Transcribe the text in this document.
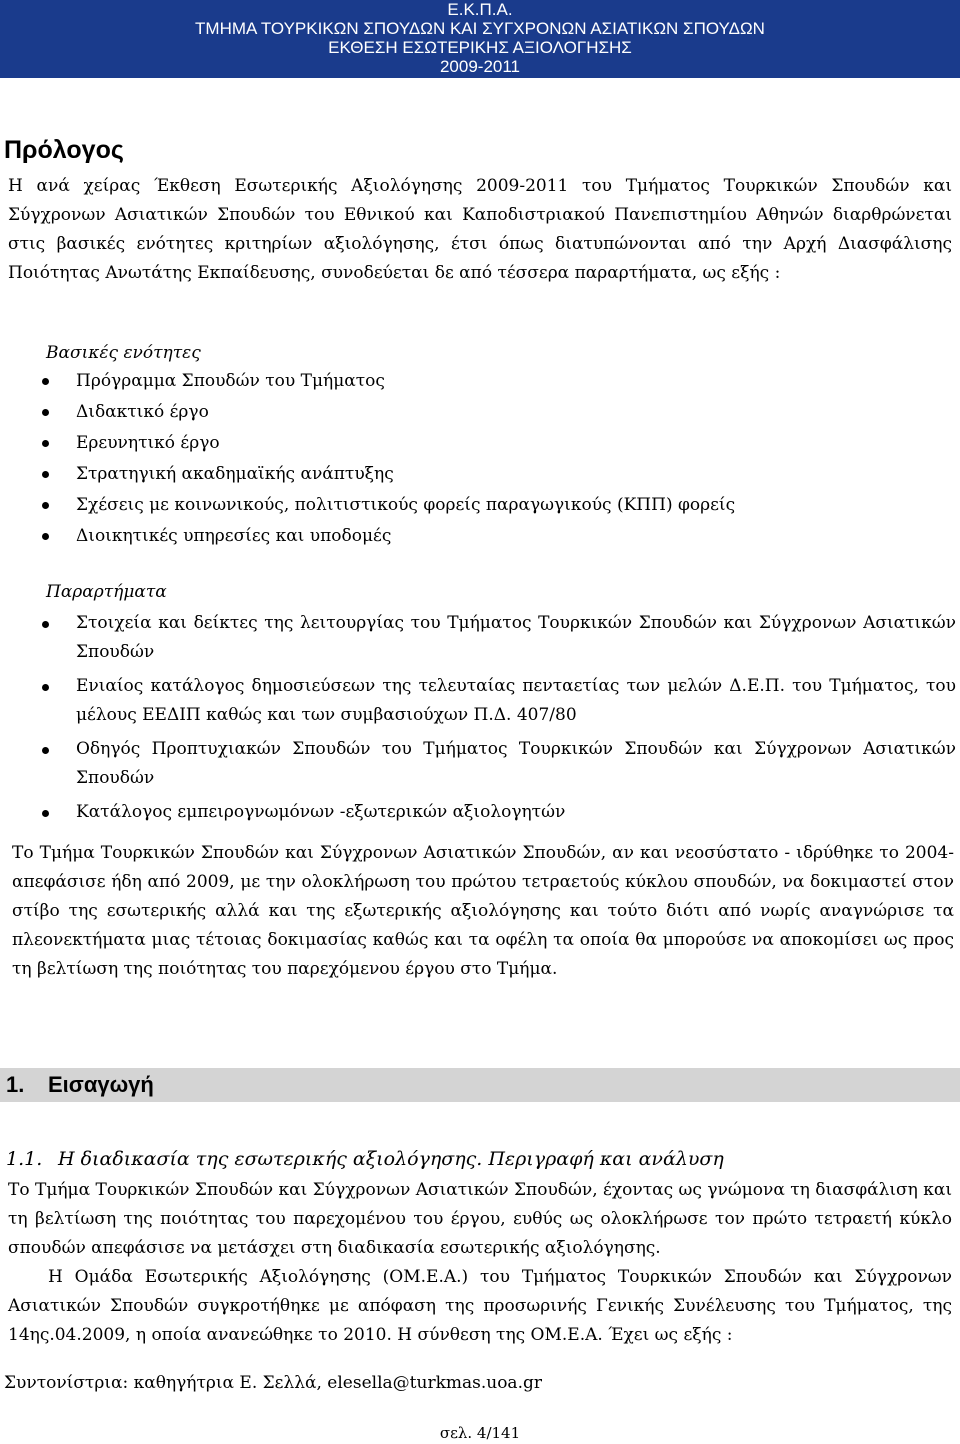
Ε.Κ.Π.Α.
ΤΜΗΜΑ ΤΟΥΡΚΙΚΩΝ ΣΠΟΥΔΩΝ ΚΑΙ ΣΥΓΧΡΟΝΩΝ ΑΣΙΑΤΙΚΩΝ ΣΠΟΥΔΩΝ
ΕΚΘΕΣΗ ΕΣΩΤΕΡΙΚΗΣ ΑΞΙΟΛΟΓΗΣΗΣ
2009-2011
Πρόλογος
Η ανά χείρας Έκθεση Εσωτερικής Αξιολόγησης 2009-2011 του Τμήματος Τουρκικών Σπουδών και Σύγχρονων Ασιατικών Σπουδών του Εθνικού και Καποδιστριακού Πανεπιστημίου Αθηνών διαρθρώνεται στις βασικές ενότητες κριτηρίων αξιολόγησης, έτσι όπως διατυπώνονται από την Αρχή Διασφάλισης Ποιότητας Ανωτάτης Εκπαίδευσης, συνοδεύεται δε από τέσσερα παραρτήματα, ως εξής :
Βασικές ενότητες
Πρόγραμμα Σπουδών του Τμήματος
Διδακτικό έργο
Ερευνητικό έργο
Στρατηγική ακαδημαϊκής ανάπτυξης
Σχέσεις με κοινωνικούς, πολιτιστικούς φορείς παραγωγικούς (ΚΠΠ) φορείς
Διοικητικές υπηρεσίες και υποδομές
Παραρτήματα
Στοιχεία και δείκτες της λειτουργίας του Τμήματος Τουρκικών Σπουδών και Σύγχρονων Ασιατικών Σπουδών
Ενιαίος κατάλογος δημοσιεύσεων της τελευταίας πενταετίας των μελών Δ.Ε.Π. του Τμήματος, του μέλους ΕΕΔΙΠ καθώς και των συμβασιούχων Π.Δ. 407/80
Οδηγός Προπτυχιακών Σπουδών του Τμήματος Τουρκικών Σπουδών και Σύγχρονων Ασιατικών Σπουδών
Κατάλογος εμπειρογνωμόνων -εξωτερικών αξιολογητών
Το Τμήμα Τουρκικών Σπουδών και Σύγχρονων Ασιατικών Σπουδών, αν και νεοσύστατο - ιδρύθηκε το 2004- απεφάσισε ήδη από 2009, με την ολοκλήρωση του πρώτου τετραετούς κύκλου σπουδών, να δοκιμαστεί στον στίβο της εσωτερικής αλλά και της εξωτερικής αξιολόγησης και τούτο διότι από νωρίς αναγνώρισε τα πλεονεκτήματα μιας τέτοιας δοκιμασίας καθώς και τα οφέλη τα οποία θα μπορούσε να αποκομίσει ως προς τη βελτίωση της ποιότητας του παρεχόμενου έργου στο Τμήμα.
1. Εισαγωγή
1.1. Η διαδικασία της εσωτερικής αξιολόγησης. Περιγραφή και ανάλυση
Το Τμήμα Τουρκικών Σπουδών και Σύγχρονων Ασιατικών Σπουδών, έχοντας ως γνώμονα τη διασφάλιση και τη βελτίωση της ποιότητας του παρεχομένου του έργου, ευθύς ως ολοκλήρωσε τον πρώτο τετραετή κύκλο σπουδών απεφάσισε να μετάσχει στη διαδικασία εσωτερικής αξιολόγησης.
Η Ομάδα Εσωτερικής Αξιολόγησης (ΟΜ.Ε.Α.) του Τμήματος Τουρκικών Σπουδών και Σύγχρονων Ασιατικών Σπουδών συγκροτήθηκε με απόφαση της προσωρινής Γενικής Συνέλευσης του Τμήματος, της 14ης.04.2009, η οποία ανανεώθηκε το 2010. Η σύνθεση της ΟΜ.Ε.Α. Έχει ως εξής :
Συντονίστρια: καθηγήτρια Ε. Σελλά, elesella@turkmas.uoa.gr
σελ. 4/141
